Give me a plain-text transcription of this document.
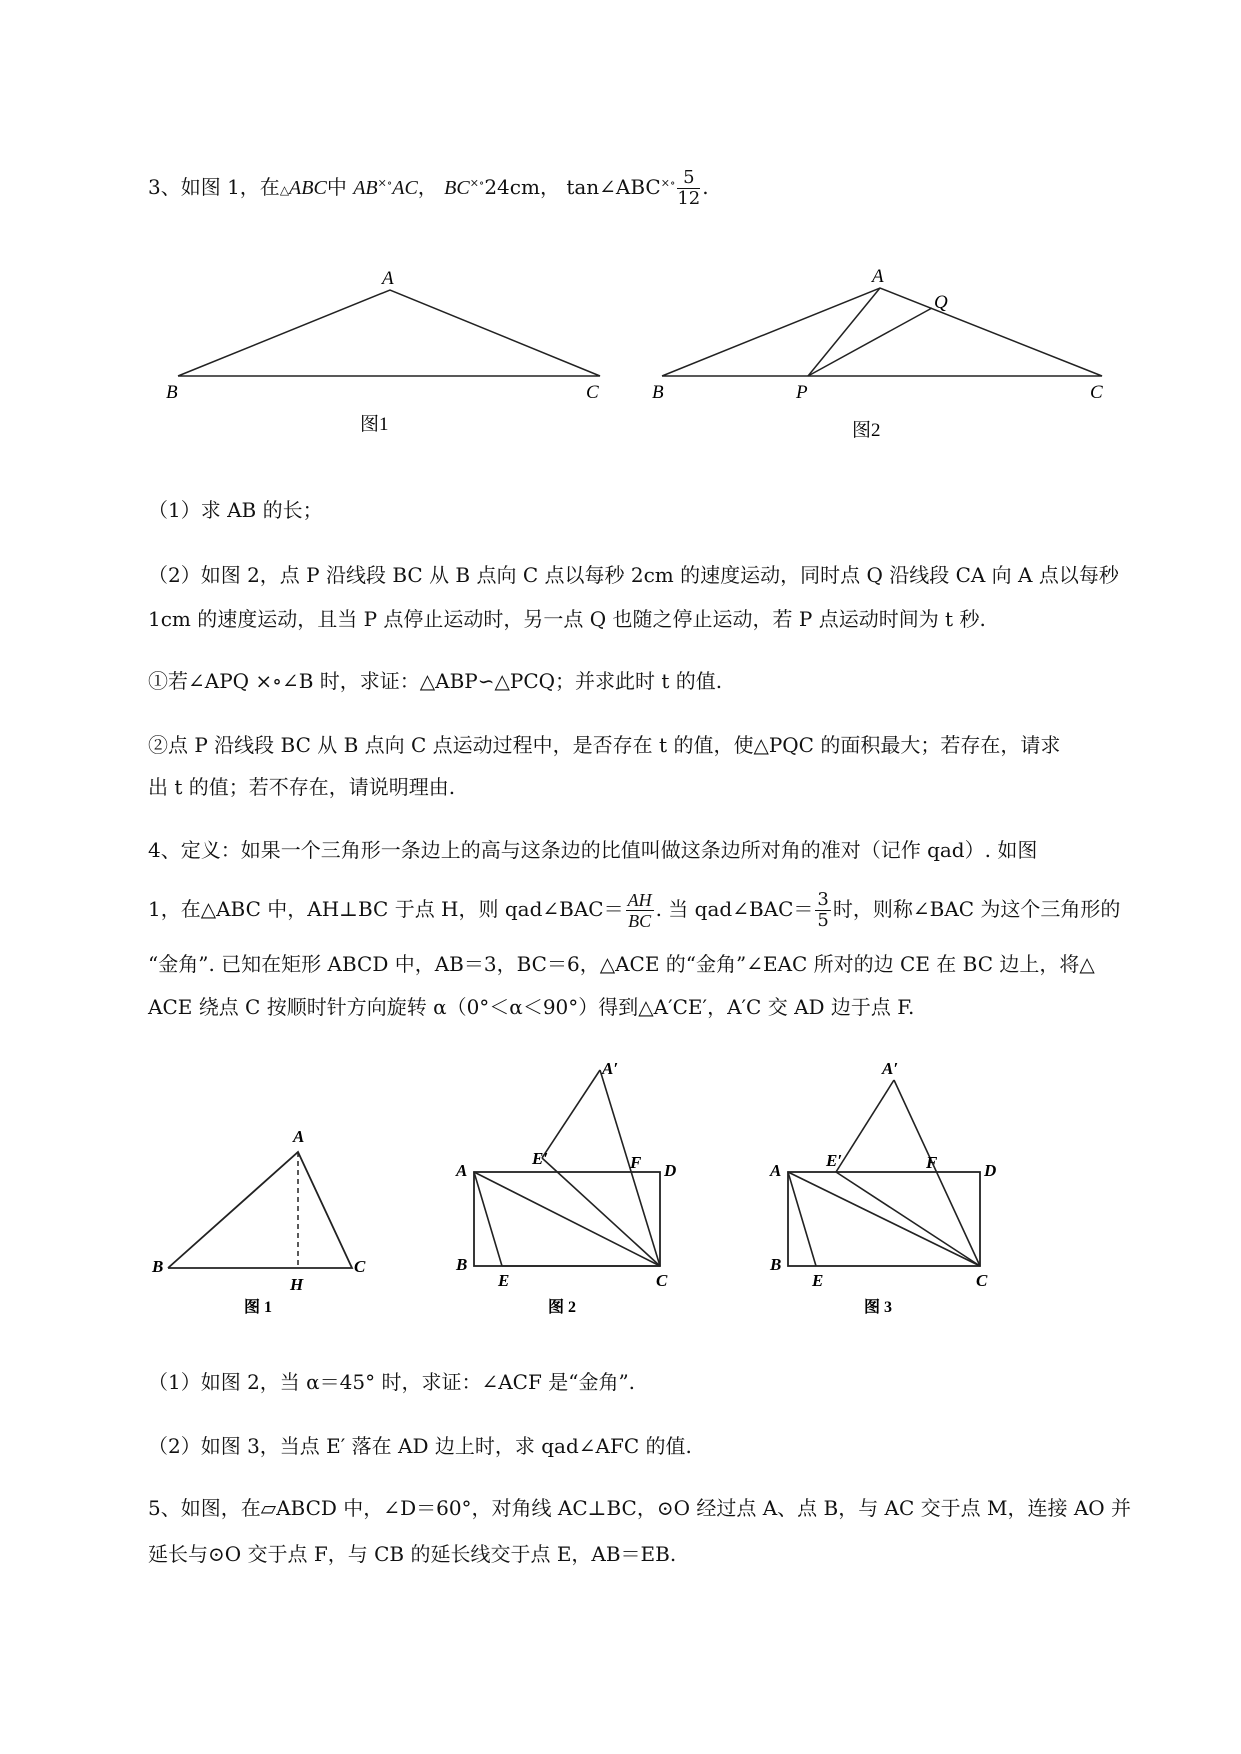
3、如图 1，在△ABC中 AB×∘AC， BC×∘24cm， tan∠ABC×∘ $\frac{5}{12}$ .
A
B	C
图1
A
Q
B	P	C
图2
（1）求 AB 的长；
（2）如图 2，点 P 沿线段 BC 从 B 点向 C 点以每秒 2cm 的速度运动，同时点 Q 沿线段 CA 向 A 点以每秒
1cm 的速度运动，且当 P 点停止运动时，另一点 Q 也随之停止运动，若 P 点运动时间为 t 秒.
①若∠APQ ×∘∠B 时，求证：△ABP∽△PCQ；并求此时 t 的值.
②点 P 沿线段 BC 从 B 点向 C 点运动过程中，是否存在 t 的值，使△PQC 的面积最大；若存在，请求
出 t 的值；若不存在，请说明理由.
4、定义：如果一个三角形一条边上的高与这条边的比值叫做这条边所对角的准对（记作 qad）. 如图
1，在△ABC 中，AH⊥BC 于点 H，则 qad∠BAC＝ $\frac{AH}{BC}$ . 当 qad∠BAC＝ $\frac{3}{5}$ 时，则称∠BAC 为这个三角形的
“金角”. 已知在矩形 ABCD 中，AB＝3，BC＝6，△ACE 的“金角”∠EAC 所对的边 CE 在 BC 边上，将△
ACE 绕点 C 按顺时针方向旋转 α（0°＜α＜90°）得到△A′CE′，A′C 交 AD 边于点 F.
A
B
H
C
图 1
A′
E′	F
A	D
B
E	C
图 2
A′
E′	F
A	D
B
E	C
图 3
（1）如图 2，当 α＝45° 时，求证：∠ACF 是“金角”.
（2）如图 3，当点 E′ 落在 AD 边上时，求 qad∠AFC 的值.
5、如图，在▱ABCD 中，∠D＝60°，对角线 AC⊥BC，⊙O 经过点 A、点 B，与 AC 交于点 M，连接 AO 并
延长与⊙O 交于点 F，与 CB 的延长线交于点 E，AB＝EB.
